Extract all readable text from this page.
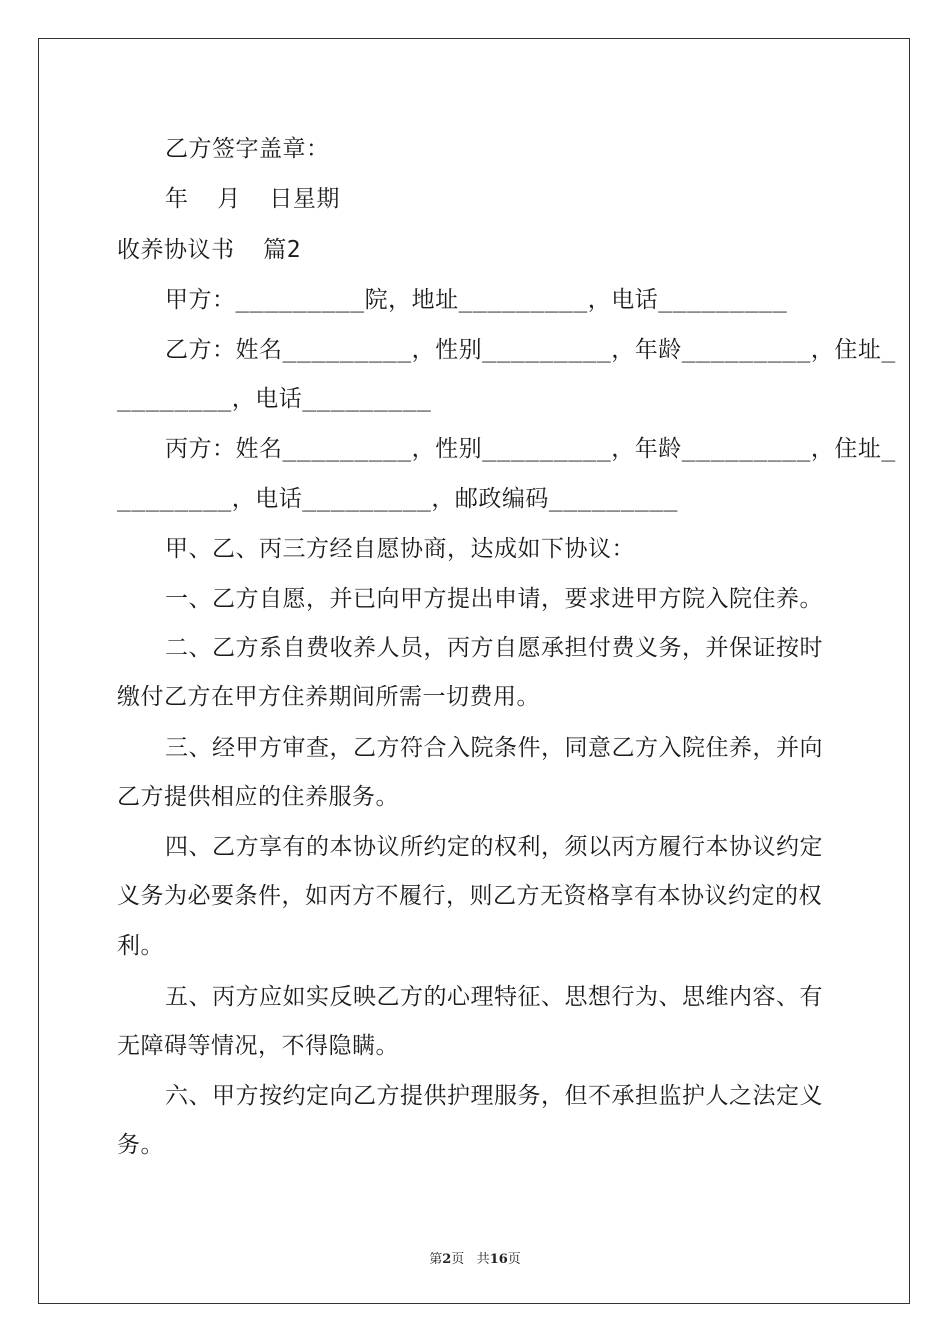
乙方签字盖章：
年  月  日星期
收养协议书  篇2
甲方：_________院，地址_________，电话_________
乙方：姓名_________，性别_________，年龄_________，住址_
________，电话_________
丙方：姓名_________，性别_________，年龄_________，住址_
________，电话_________，邮政编码_________
甲、乙、丙三方经自愿协商，达成如下协议：
一、乙方自愿，并已向甲方提出申请，要求进甲方院入院住养。
二、乙方系自费收养人员，丙方自愿承担付费义务，并保证按时
缴付乙方在甲方住养期间所需一切费用。
三、经甲方审查，乙方符合入院条件，同意乙方入院住养，并向
乙方提供相应的住养服务。
四、乙方享有的本协议所约定的权利，须以丙方履行本协议约定
义务为必要条件，如丙方不履行，则乙方无资格享有本协议约定的权
利。
五、丙方应如实反映乙方的心理特征、思想行为、思维内容、有
无障碍等情况，不得隐瞒。
六、甲方按约定向乙方提供护理服务，但不承担监护人之法定义
务。
第2页 共16页
